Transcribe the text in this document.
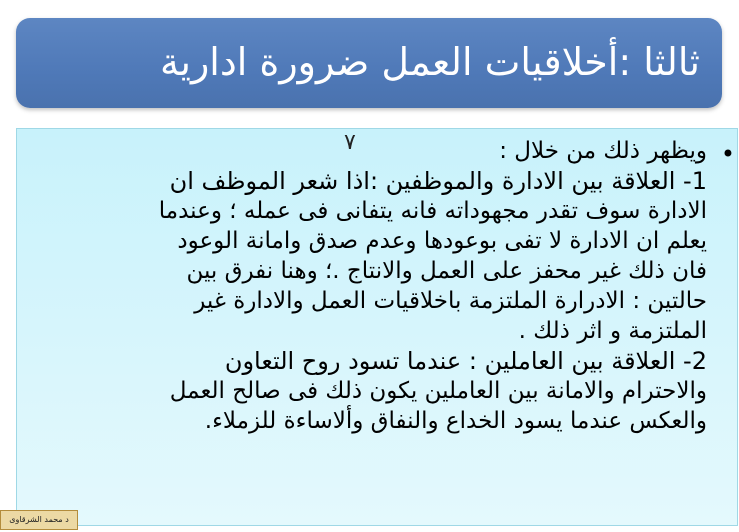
ثالثا :أخلاقيات العمل ضرورة ادارية
٧	•

ويظهر ذلك من خلال :

1- العلاقة بين الادارة والموظفين :اذا شعر الموظف ان

الادارة سوف تقدر مجهوداته فانه يتفانى فى عمله ؛ وعندما

يعلم ان الادارة لا تفى بوعودها وعدم صدق وامانة الوعود

فان ذلك غير محفز على العمل والانتاج .؛ وهنا نفرق بين

حالتين : الادرارة الملتزمة باخلاقيات العمل والادارة غير

الملتزمة و اثر ذلك .

2- العلاقة بين العاملين : عندما تسود روح التعاون

والاحترام والامانة بين العاملين يكون ذلك فى صالح العمل

والعكس عندما يسود الخداع والنفاق وألاساءة للزملاء.

د محمد الشرقاوى
